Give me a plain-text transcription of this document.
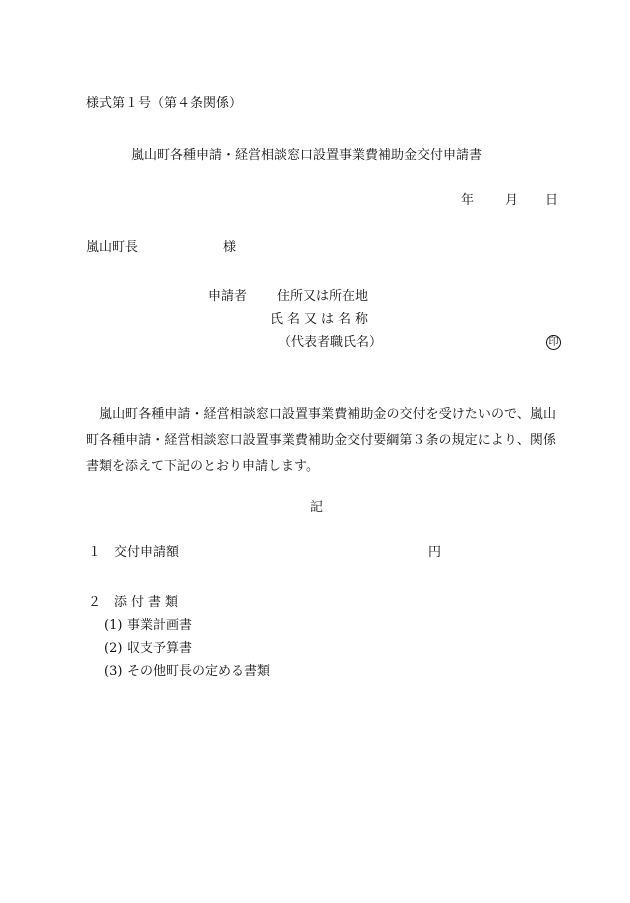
様式第１号（第４条関係）
嵐山町各種申請・経営相談窓口設置事業費補助金交付申請書
年 月 日
嵐山町長	様
申請者 住所又は所在地
氏名又は名称
（代表者職氏名）	印
嵐山町各種申請・経営相談窓口設置事業費補助金の交付を受けたいので、嵐山町各種申請・経営相談窓口設置事業費補助金交付要綱第３条の規定により、関係書類を添えて下記のとおり申請します。
記
１ 交付申請額	円
２ 添付書類
(1) 事業計画書
(2) 収支予算書
(3) その他町長の定める書類
